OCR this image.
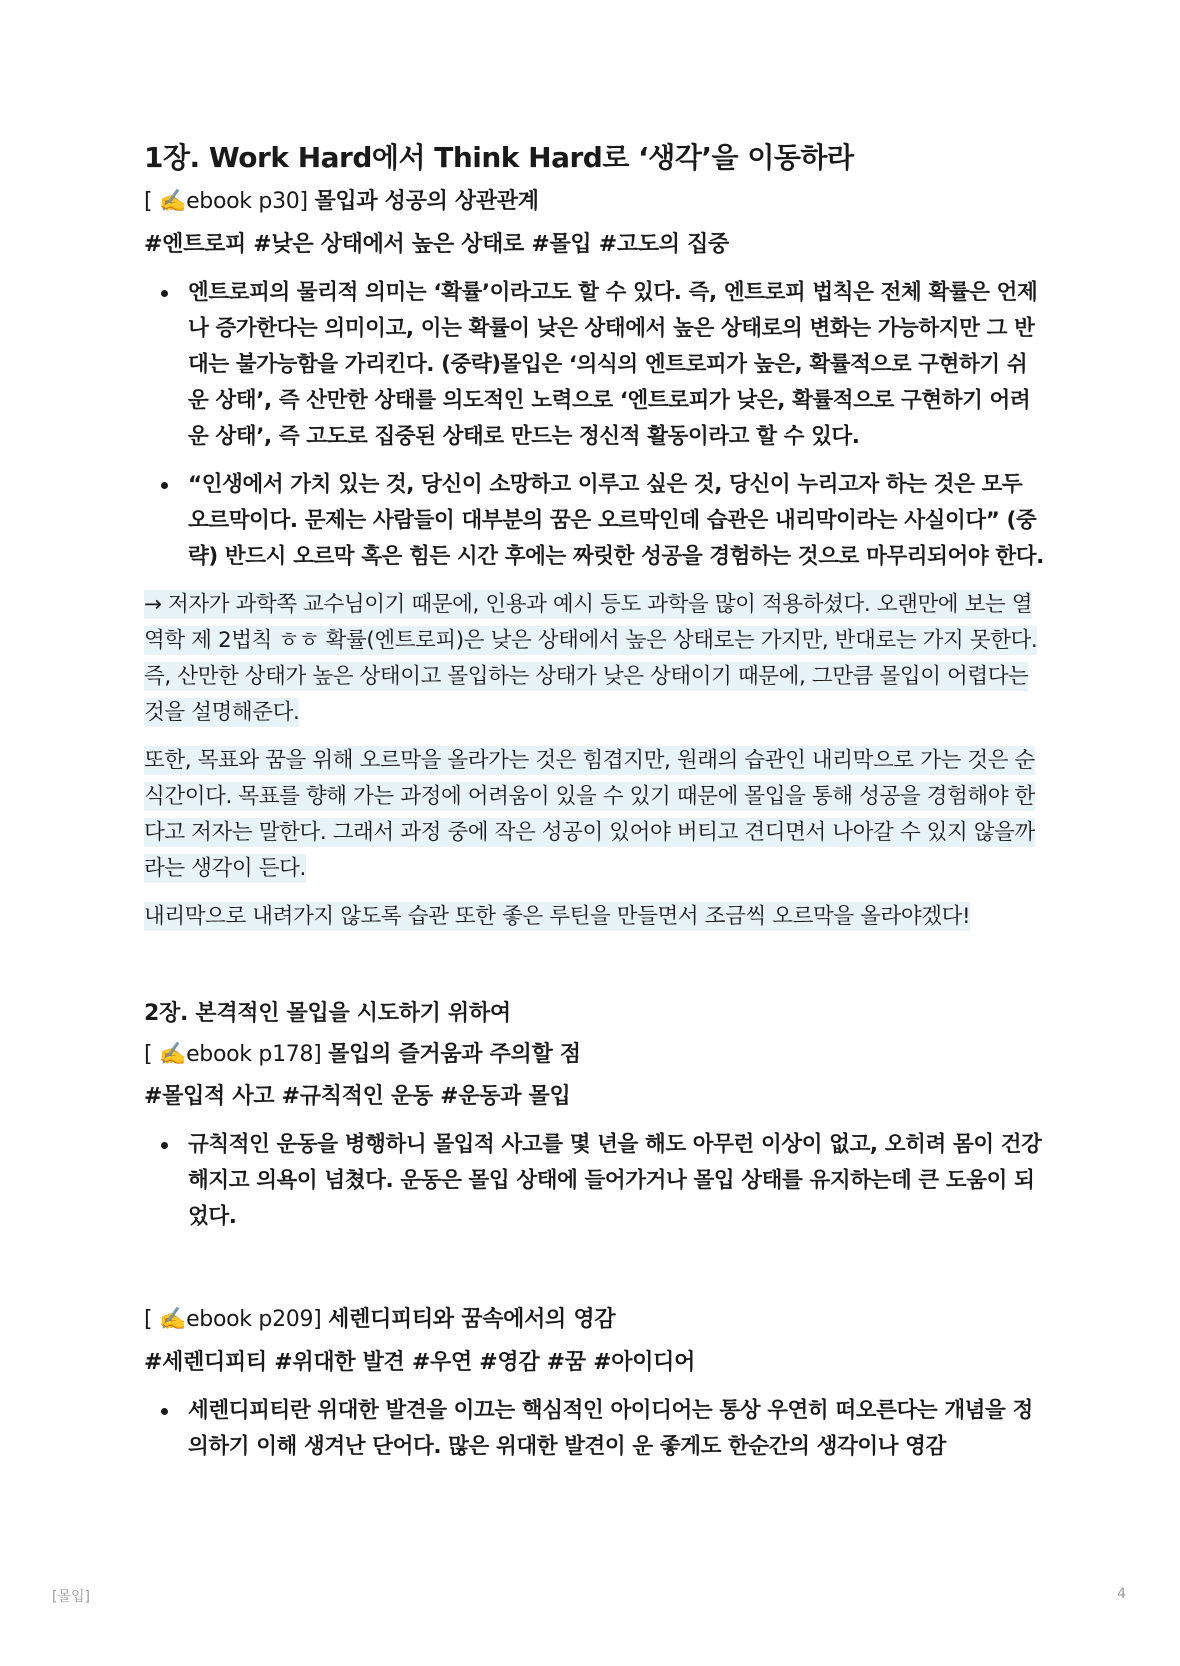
1장. Work Hard에서 Think Hard로 ‘생각’을 이동하라
[ ✍️ebook p30] 몰입과 성공의 상관관계
#엔트로피 #낮은 상태에서 높은 상태로 #몰입 #고도의 집중
엔트로피의 물리적 의미는 ‘확률’이라고도 할 수 있다. 즉, 엔트로피 법칙은 전체 확률은 언제나 증가한다는 의미이고, 이는 확률이 낮은 상태에서 높은 상태로의 변화는 가능하지만 그 반대는 불가능함을 가리킨다. (중략)몰입은 ‘의식의 엔트로피가 높은, 확률적으로 구현하기 쉬운 상태’, 즉 산만한 상태를 의도적인 노력으로 ‘엔트로피가 낮은, 확률적으로 구현하기 어려운 상태’, 즉 고도로 집중된 상태로 만드는 정신적 활동이라고 할 수 있다.
“인생에서 가치 있는 것, 당신이 소망하고 이루고 싶은 것, 당신이 누리고자 하는 것은 모두 오르막이다. 문제는 사람들이 대부분의 꿈은 오르막인데 습관은 내리막이라는 사실이다” (중략) 반드시 오르막 혹은 힘든 시간 후에는 짜릿한 성공을 경험하는 것으로 마무리되어야 한다.

→ 저자가 과학쪽 교수님이기 때문에, 인용과 예시 등도 과학을 많이 적용하셨다. 오랜만에 보는 열역학 제 2법칙 ㅎㅎ 확률(엔트로피)은 낮은 상태에서 높은 상태로는 가지만, 반대로는 가지 못한다. 즉, 산만한 상태가 높은 상태이고 몰입하는 상태가 낮은 상태이기 때문에, 그만큼 몰입이 어렵다는 것을 설명해준다.

또한, 목표와 꿈을 위해 오르막을 올라가는 것은 힘겹지만, 원래의 습관인 내리막으로 가는 것은 순식간이다. 목표를 향해 가는 과정에 어려움이 있을 수 있기 때문에 몰입을 통해 성공을 경험해야 한다고 저자는 말한다. 그래서 과정 중에 작은 성공이 있어야 버티고 견디면서 나아갈 수 있지 않을까 라는 생각이 든다.

내리막으로 내려가지 않도록 습관 또한 좋은 루틴을 만들면서 조금씩 오르막을 올라야겠다!

2장. 본격적인 몰입을 시도하기 위하여
[ ✍️ebook p178] 몰입의 즐거움과 주의할 점
#몰입적 사고 #규칙적인 운동 #운동과 몰입
규칙적인 운동을 병행하니 몰입적 사고를 몇 년을 해도 아무런 이상이 없고, 오히려 몸이 건강해지고 의욕이 넘쳤다. 운동은 몰입 상태에 들어가거나 몰입 상태를 유지하는데 큰 도움이 되었다.
[ ✍️ebook p209] 세렌디피티와 꿈속에서의 영감
#세렌디피티 #위대한 발견 #우연 #영감 #꿈 #아이디어
세렌디피티란 위대한 발견을 이끄는 핵심적인 아이디어는 통상 우연히 떠오른다는 개념을 정의하기 이해 생겨난 단어다. 많은 위대한 발견이 운 좋게도 한순간의 생각이나 영감
[몰입]	4
